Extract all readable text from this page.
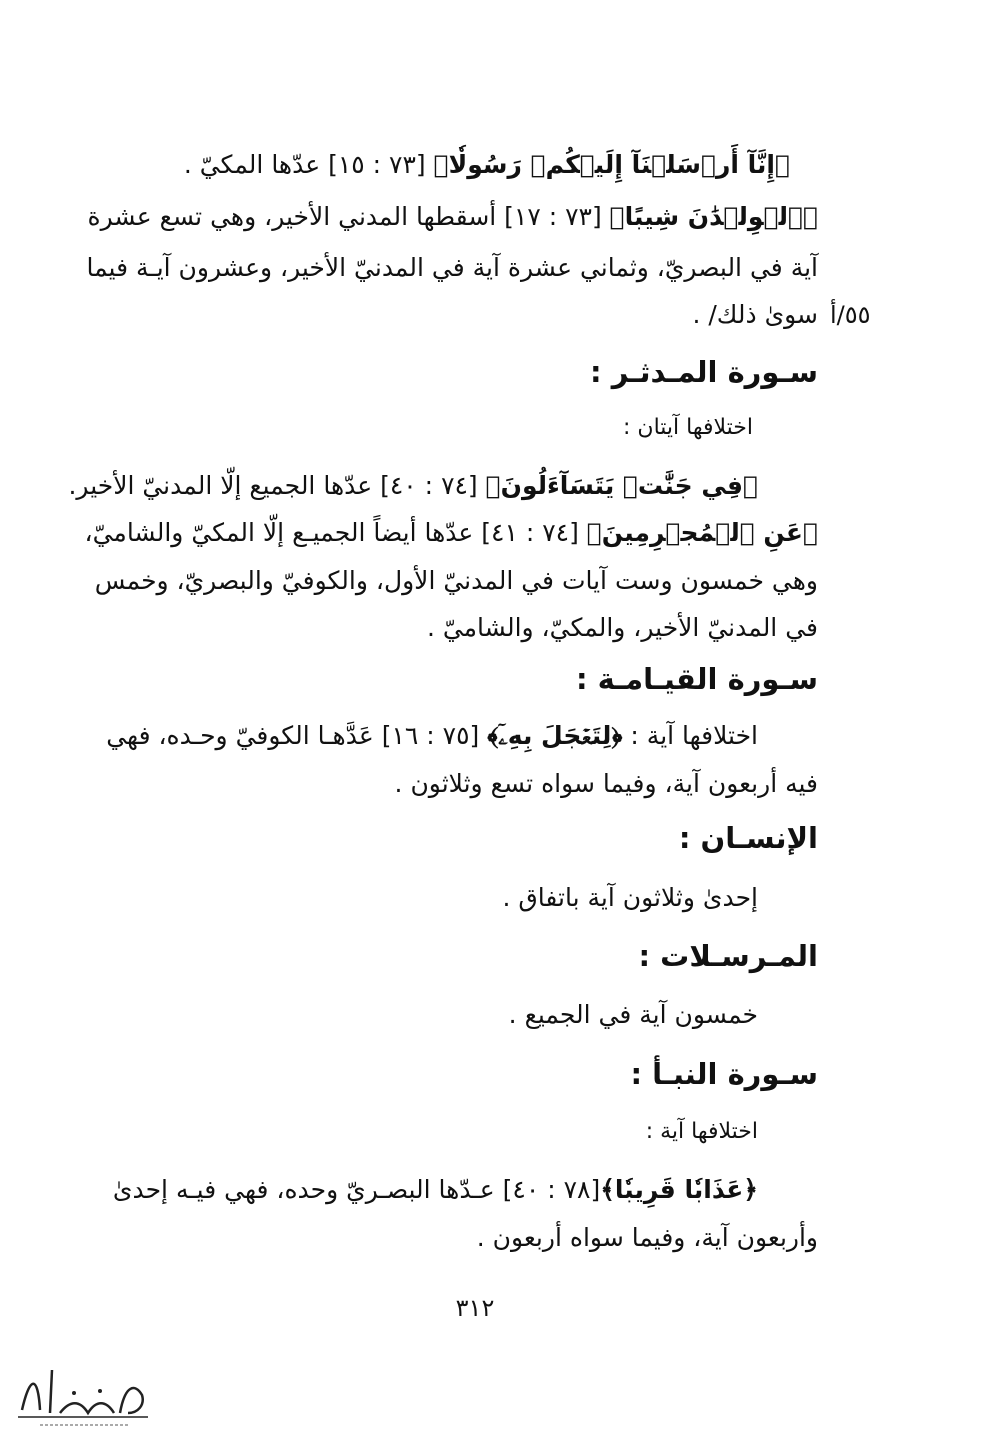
﴿إِنَّآ أَرۡسَلۡنَآ إِلَيۡكُمۡ رَسُولٗا﴾ [٧٣ : ١٥] عدّها المكيّ .
﴿ٱلۡوِلۡدَٰنَ شِيبًا﴾ [٧٣ : ١٧] أسقطها المدني الأخير، وهي تسع عشرة
آية في البصريّ، وثماني عشرة آية في المدنيّ الأخير، وعشرون آيـة فيما
سوىٰ ذلك/ . ٥٥/أ
سـورة المـدثـر :
اختلافها آيتان :
﴿فِي جَنَّٰتٖ يَتَسَآءَلُونَ﴾ [٧٤ : ٤٠] عدّها الجميع إلّا المدنيّ الأخير.
﴿عَنِ ٱلۡمُجۡرِمِينَ﴾ [٧٤ : ٤١] عدّها أيضاً الجميـع إلّا المكيّ والشاميّ،
وهي خمسون وست آيات في المدنيّ الأول، والكوفيّ والبصريّ، وخمس
في المدنيّ الأخير، والمكيّ، والشاميّ .
سـورة القيـامـة :
اختلافها آية : ﴿لِتَعۡجَلَ بِهِۦٓ﴾ [٧٥ : ١٦] عَدَّهـا الكوفيّ وحـده، فهي
فيه أربعون آية، وفيما سواه تسع وثلاثون .
الإنسـان :
إحدىٰ وثلاثون آية باتفاق .
المـرسـلات :
خمسون آية في الجميع .
سـورة النبـأ :
اختلافها آية :
﴿عَذَابٗا قَرِيبٗا﴾[٧٨ : ٤٠] عـدّها البصـريّ وحده، فهي فيـه إحدىٰ
وأربعون آية، وفيما سواه أربعون .
٣١٢
